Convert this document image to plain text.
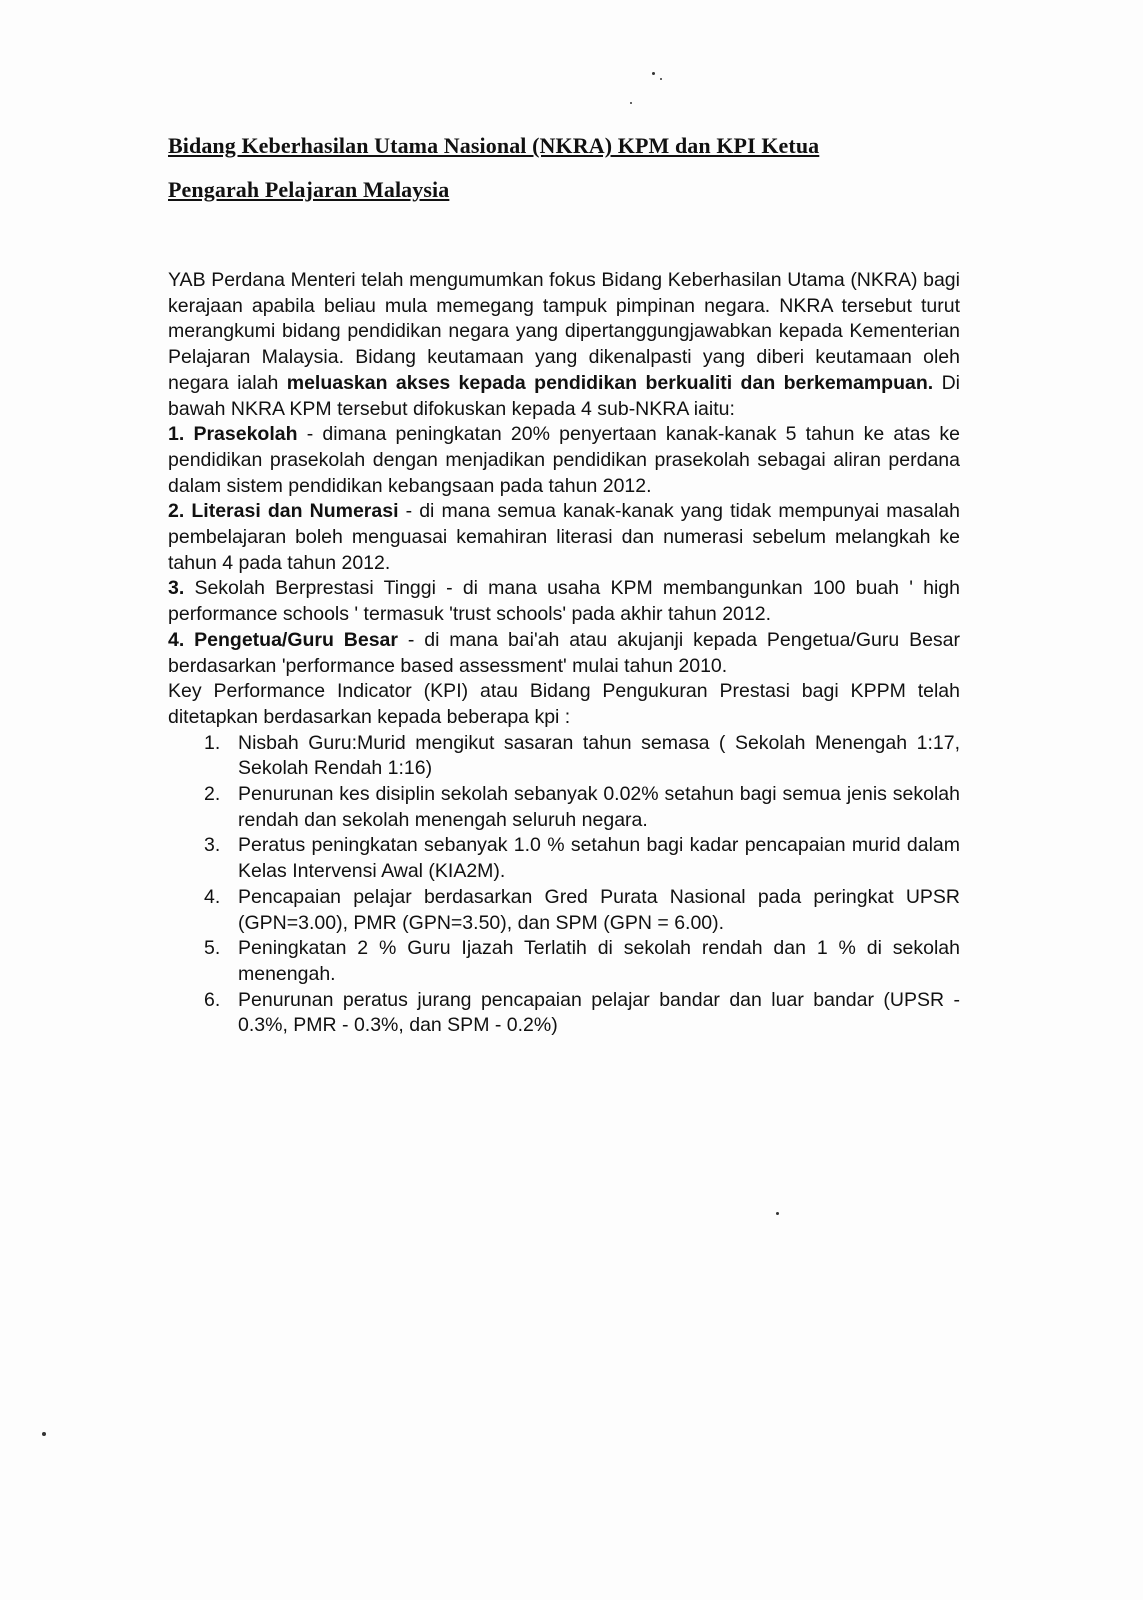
Bidang Keberhasilan Utama Nasional (NKRA) KPM dan KPI Ketua
Pengarah Pelajaran Malaysia

YAB Perdana Menteri telah mengumumkan fokus Bidang Keberhasilan Utama (NKRA) bagi kerajaan apabila beliau mula memegang tampuk pimpinan negara. NKRA tersebut turut merangkumi bidang pendidikan negara yang dipertanggungjawabkan kepada Kementerian Pelajaran Malaysia. Bidang keutamaan yang dikenalpasti yang diberi keutamaan oleh negara ialah meluaskan akses kepada pendidikan berkualiti dan berkemampuan. Di bawah NKRA KPM tersebut difokuskan kepada 4 sub-NKRA iaitu:

1. Prasekolah - dimana peningkatan 20% penyertaan kanak-kanak 5 tahun ke atas ke pendidikan prasekolah dengan menjadikan pendidikan prasekolah sebagai aliran perdana dalam sistem pendidikan kebangsaan pada tahun 2012.

2. Literasi dan Numerasi - di mana semua kanak-kanak yang tidak mempunyai masalah pembelajaran boleh menguasai kemahiran literasi dan numerasi sebelum melangkah ke tahun 4 pada tahun 2012.

3. Sekolah Berprestasi Tinggi - di mana usaha KPM membangunkan 100 buah ' high performance schools ' termasuk 'trust schools' pada akhir tahun 2012.

4. Pengetua/Guru Besar - di mana bai'ah atau akujanji kepada Pengetua/Guru Besar berdasarkan 'performance based assessment' mulai tahun 2010.

Key Performance Indicator (KPI) atau Bidang Pengukuran Prestasi bagi KPPM telah ditetapkan berdasarkan kepada beberapa kpi :

1. Nisbah Guru:Murid mengikut sasaran tahun semasa ( Sekolah Menengah 1:17, Sekolah Rendah 1:16)
2. Penurunan kes disiplin sekolah sebanyak 0.02% setahun bagi semua jenis sekolah rendah dan sekolah menengah seluruh negara.
3. Peratus peningkatan sebanyak 1.0 % setahun bagi kadar pencapaian murid dalam Kelas Intervensi Awal (KIA2M).
4. Pencapaian pelajar berdasarkan Gred Purata Nasional pada peringkat UPSR (GPN=3.00), PMR (GPN=3.50), dan SPM (GPN = 6.00).
5. Peningkatan 2 % Guru Ijazah Terlatih di sekolah rendah dan 1 % di sekolah menengah.
6. Penurunan peratus jurang pencapaian pelajar bandar dan luar bandar (UPSR - 0.3%, PMR - 0.3%, dan SPM - 0.2%)
